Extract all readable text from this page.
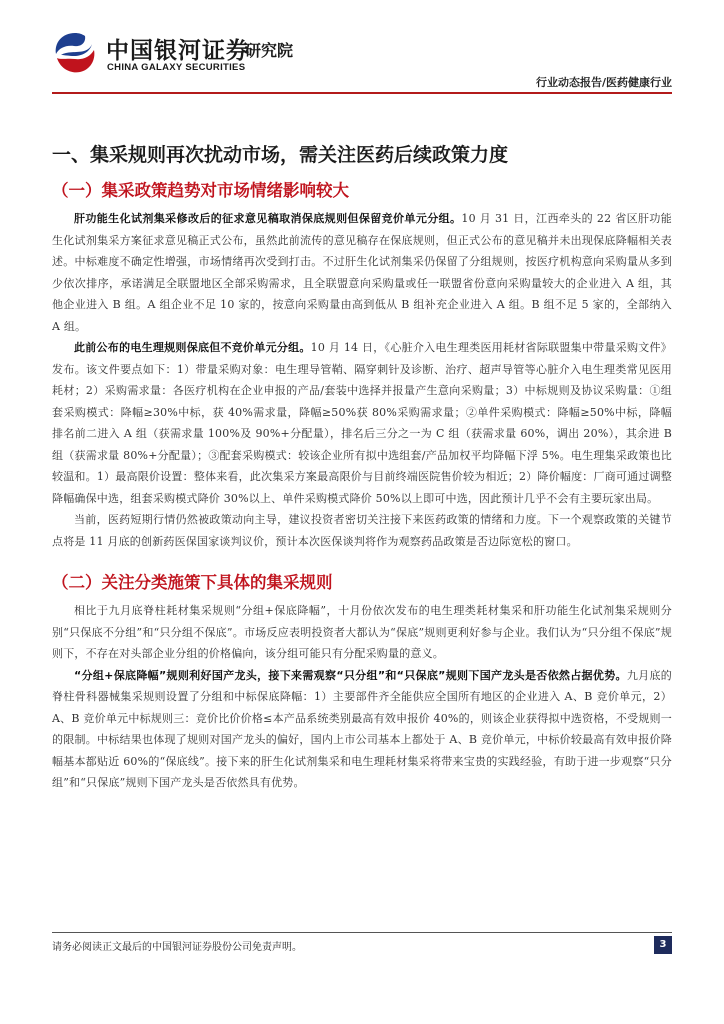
中国银河证券
CHINA GALAXY SECURITIES
研究院
行业动态报告/医药健康行业
一、集采规则再次扰动市场，需关注医药后续政策力度
（一）集采政策趋势对市场情绪影响较大

肝功能生化试剂集采修改后的征求意见稿取消保底规则但保留竞价单元分组。10 月 31 日，江西牵头的 22 省区肝功能生化试剂集采方案征求意见稿正式公布，虽然此前流传的意见稿存在保底规则，但正式公布的意见稿并未出现保底降幅相关表述。中标难度不确定性增强，市场情绪再次受到打击。不过肝生化试剂集采仍保留了分组规则，按医疗机构意向采购量从多到少依次排序，承诺满足全联盟地区全部采购需求，且全联盟意向采购量或任一联盟省份意向采购量较大的企业进入 A 组，其他企业进入 B 组。A 组企业不足 10 家的，按意向采购量由高到低从 B 组补充企业进入 A 组。B 组不足 5 家的，全部纳入 A 组。

此前公布的电生理规则保底但不竞价单元分组。10 月 14 日，《心脏介入电生理类医用耗材省际联盟集中带量采购文件》发布。该文件要点如下：1）带量采购对象：电生理导管鞘、隔穿刺针及诊断、治疗、超声导管等心脏介入电生理类常见医用耗材；2）采购需求量：各医疗机构在企业申报的产品/套装中选择并报量产生意向采购量；3）中标规则及协议采购量：①组套采购模式：降幅≥30%中标，获 40%需求量，降幅≥50%获 80%采购需求量；②单件采购模式：降幅≥50%中标，降幅排名前二进入 A 组（获需求量 100%及 90%+分配量），排名后三分之一为 C 组（获需求量 60%，调出 20%），其余进 B 组（获需求量 80%+分配量）；③配套采购模式：较该企业所有拟中选组套/产品加权平均降幅下浮 5%。电生理集采政策也比较温和。1）最高限价设置：整体来看，此次集采方案最高限价与目前终端医院售价较为相近；2）降价幅度：厂商可通过调整降幅确保中选，组套采购模式降价 30%以上、单件采购模式降价 50%以上即可中选，因此预计几乎不会有主要玩家出局。

当前，医药短期行情仍然被政策动向主导，建议投资者密切关注接下来医药政策的情绪和力度。下一个观察政策的关键节点将是 11 月底的创新药医保国家谈判议价，预计本次医保谈判将作为观察药品政策是否边际宽松的窗口。

（二）关注分类施策下具体的集采规则

相比于九月底脊柱耗材集采规则“分组+保底降幅”，十月份依次发布的电生理类耗材集采和肝功能生化试剂集采规则分别“只保底不分组”和“只分组不保底”。市场反应表明投资者大都认为“保底”规则更利好参与企业。我们认为“只分组不保底”规则下，不存在对头部企业分组的价格偏向，该分组可能只有分配采购量的意义。

“分组+保底降幅”规则利好国产龙头，接下来需观察“只分组”和“只保底”规则下国产龙头是否依然占据优势。九月底的脊柱骨科器械集采规则设置了分组和中标保底降幅：1）主要部件齐全能供应全国所有地区的企业进入 A、B 竞价单元，2）A、B 竞价单元中标规则三：竞价比价价格≤本产品系统类别最高有效申报价 40%的，则该企业获得拟中选资格，不受规则一的限制。中标结果也体现了规则对国产龙头的偏好，国内上市公司基本上都处于 A、B 竞价单元，中标价较最高有效申报价降幅基本都贴近 60%的“保底线”。接下来的肝生化试剂集采和电生理耗材集采将带来宝贵的实践经验，有助于进一步观察“只分组”和“只保底”规则下国产龙头是否依然具有优势。

请务必阅读正文最后的中国银河证券股份公司免责声明。	3
